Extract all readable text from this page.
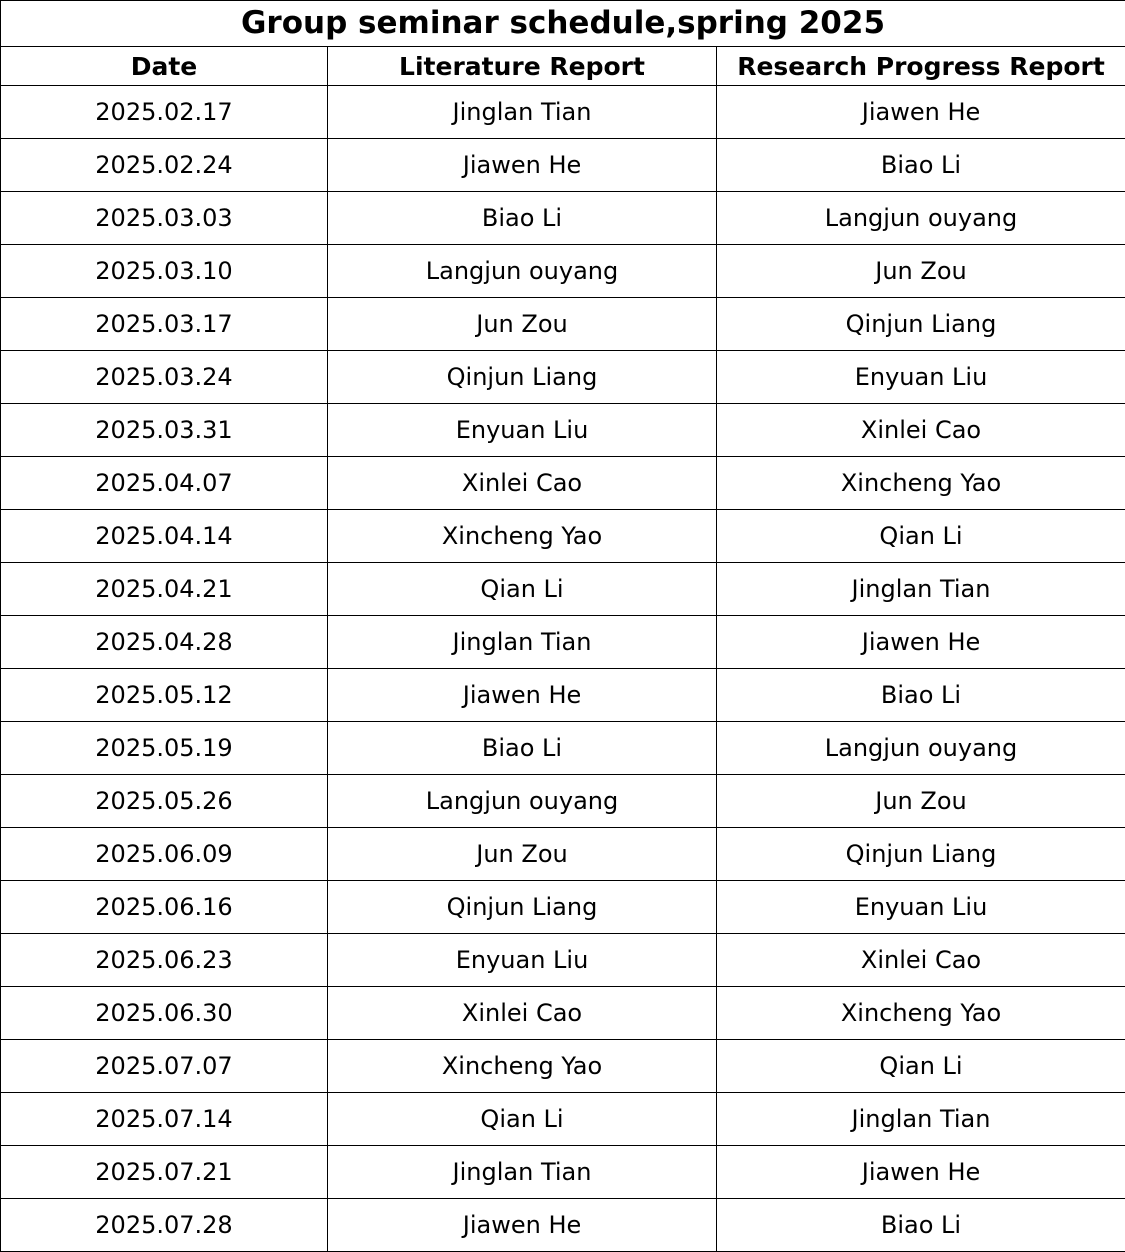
Group seminar schedule,spring 2025		
Date	Literature Report	Research Progress Report
2025.02.17	Jinglan Tian	Jiawen He
2025.02.24	Jiawen He	Biao Li
2025.03.03	Biao Li	Langjun ouyang
2025.03.10	Langjun ouyang	Jun Zou
2025.03.17	Jun Zou	Qinjun Liang
2025.03.24	Qinjun Liang	Enyuan Liu
2025.03.31	Enyuan Liu	Xinlei Cao
2025.04.07	Xinlei Cao	Xincheng Yao
2025.04.14	Xincheng Yao	Qian Li
2025.04.21	Qian Li	Jinglan Tian
2025.04.28	Jinglan Tian	Jiawen He
2025.05.12	Jiawen He	Biao Li
2025.05.19	Biao Li	Langjun ouyang
2025.05.26	Langjun ouyang	Jun Zou
2025.06.09	Jun Zou	Qinjun Liang
2025.06.16	Qinjun Liang	Enyuan Liu
2025.06.23	Enyuan Liu	Xinlei Cao
2025.06.30	Xinlei Cao	Xincheng Yao
2025.07.07	Xincheng Yao	Qian Li
2025.07.14	Qian Li	Jinglan Tian
2025.07.21	Jinglan Tian	Jiawen He
2025.07.28	Jiawen He	Biao Li
